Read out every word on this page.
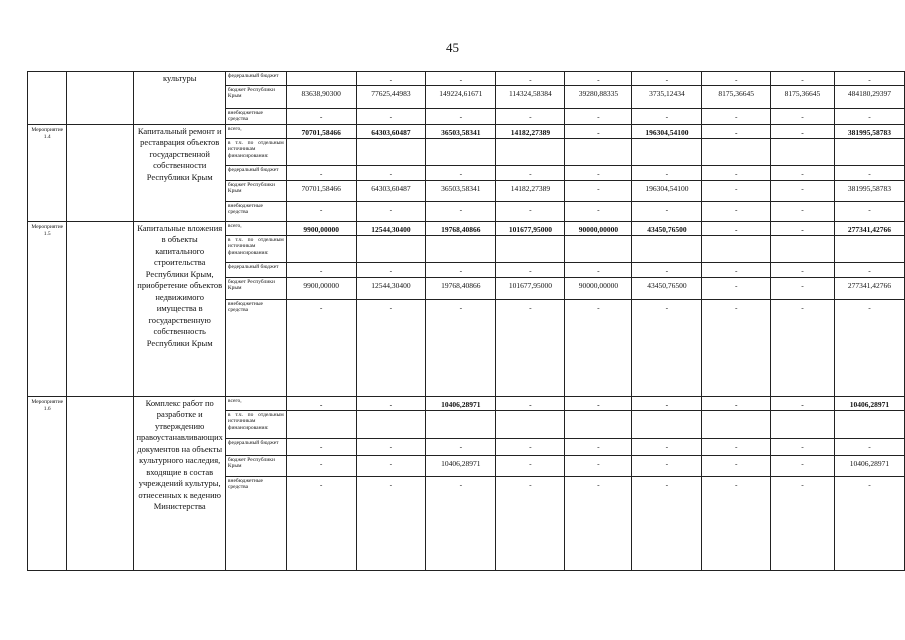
45
		культуры	федеральный бюджет		-	-	-	-	-	-	-	-
			бюджет Республики Крым	83638,90300	77625,44983	149224,61671	114324,58384	39280,88335	3735,12434	8175,36645	8175,36645	484180,29397
			внебюджетные средства	-	-	-	-	-	-	-	-	-
Мероприятие 1.4		Капитальный ремонт и реставрация объектов государственной собственности Республики Крым	всего,	70701,58466	64303,60487	36503,58341	14182,27389	-	196304,54100	-	-	381995,58783
			в т.ч. по отдельным источникам финансирования:									
			федеральный бюджет	-	-	-	-	-	-	-	-	-
			бюджет Республики Крым	70701,58466	64303,60487	36503,58341	14182,27389	-	196304,54100	-	-	381995,58783
			внебюджетные средства	-	-	-	-	-	-	-	-	-
Мероприятие 1.5		Капитальные вложения в объекты капитального строительства Республики Крым, приобретение объектов недвижимого имущества в государственную собственность Республики Крым	всего,	9900,00000	12544,30400	19768,40866	101677,95000	90000,00000	43450,76500	-	-	277341,42766
			в т.ч. по отдельным источникам финансирования:									
			федеральный бюджет	-	-	-	-	-	-	-	-	-
			бюджет Республики Крым	9900,00000	12544,30400	19768,40866	101677,95000	90000,00000	43450,76500	-	-	277341,42766
			внебюджетные средства	-	-	-	-	-	-	-	-	-
Мероприятие 1.6		Комплекс работ по разработке и утверждению правоустанавливающих документов на объекты культурного наследия, входящие в состав учреждений культуры, отнесенных к ведению Министерства	всего,	-	-	10406,28971	-	-	-	-	-	10406,28971
			в т.ч. по отдельным источникам финансирования:									
			федеральный бюджет	-	-	-	-	-	-	-	-	-
			бюджет Республики Крым	-	-	10406,28971	-	-	-	-	-	10406,28971
			внебюджетные средства	-	-	-	-	-	-	-	-	-
